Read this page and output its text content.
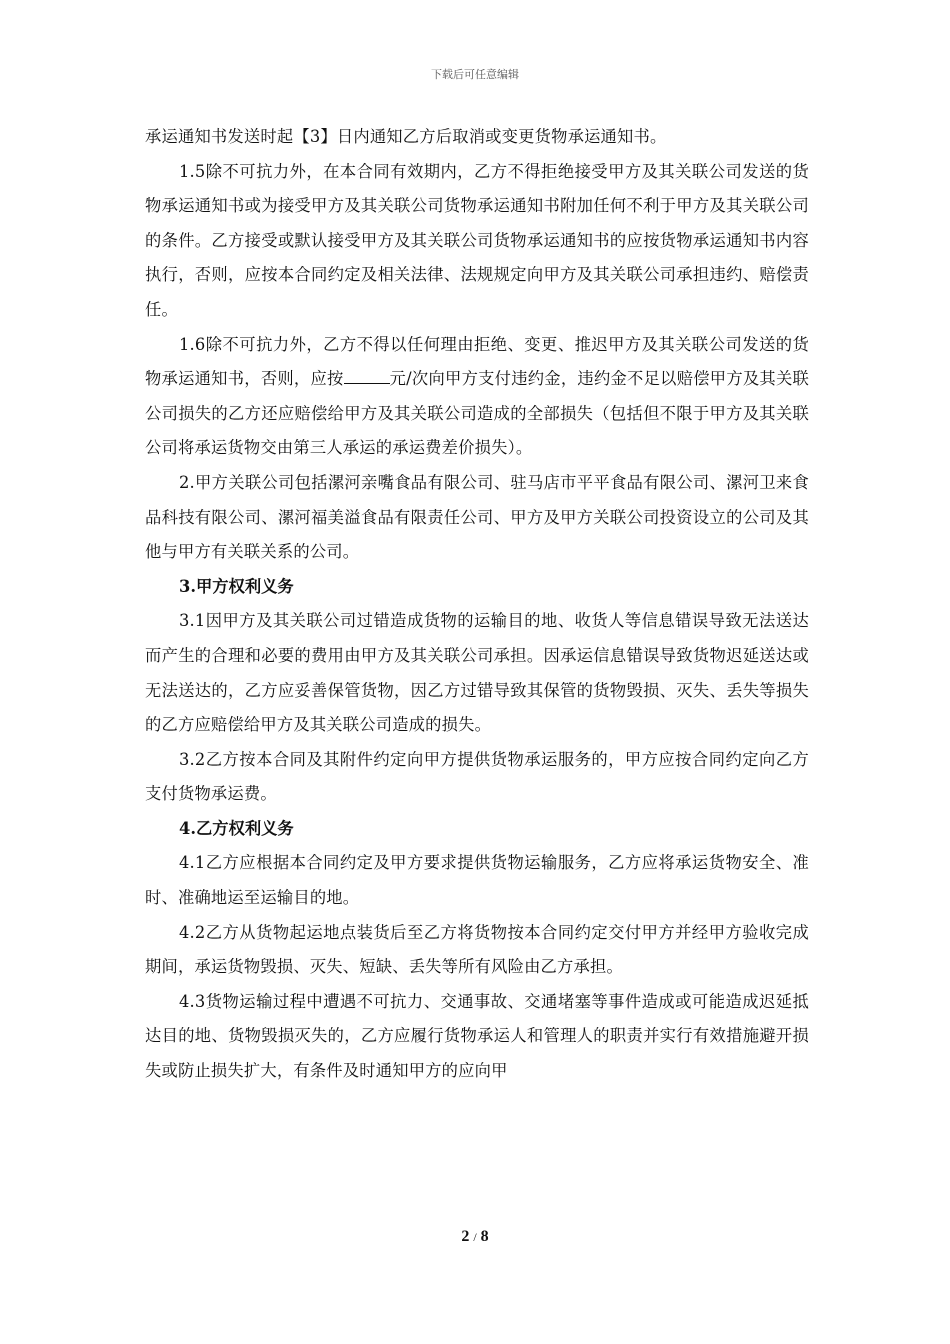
下载后可任意编辑

承运通知书发送时起【3】日内通知乙方后取消或变更货物承运通知书。

1.5除不可抗力外，在本合同有效期内，乙方不得拒绝接受甲方及其关联公司发送的货物承运通知书或为接受甲方及其关联公司货物承运通知书附加任何不利于甲方及其关联公司的条件。乙方接受或默认接受甲方及其关联公司货物承运通知书的应按货物承运通知书内容执行，否则，应按本合同约定及相关法律、法规规定向甲方及其关联公司承担违约、赔偿责任。

1.6除不可抗力外，乙方不得以任何理由拒绝、变更、推迟甲方及其关联公司发送的货物承运通知书，否则，应按	元/次向甲方支付违约金，违约金不足以赔偿甲方及其关联公司损失的乙方还应赔偿给甲方及其关联公司造成的全部损失（包括但不限于甲方及其关联公司将承运货物交由第三人承运的承运费差价损失）。

2.甲方关联公司包括漯河亲嘴食品有限公司、驻马店市平平食品有限公司、漯河卫来食品科技有限公司、漯河福美溢食品有限责任公司、甲方及甲方关联公司投资设立的公司及其他与甲方有关联关系的公司。

3.甲方权利义务

3.1因甲方及其关联公司过错造成货物的运输目的地、收货人等信息错误导致无法送达而产生的合理和必要的费用由甲方及其关联公司承担。因承运信息错误导致货物迟延送达或无法送达的，乙方应妥善保管货物，因乙方过错导致其保管的货物毁损、灭失、丢失等损失的乙方应赔偿给甲方及其关联公司造成的损失。

3.2乙方按本合同及其附件约定向甲方提供货物承运服务的，甲方应按合同约定向乙方支付货物承运费。

4.乙方权利义务

4.1乙方应根据本合同约定及甲方要求提供货物运输服务，乙方应将承运货物安全、准时、准确地运至运输目的地。

4.2乙方从货物起运地点装货后至乙方将货物按本合同约定交付甲方并经甲方验收完成期间，承运货物毁损、灭失、短缺、丢失等所有风险由乙方承担。

4.3货物运输过程中遭遇不可抗力、交通事故、交通堵塞等事件造成或可能造成迟延抵达目的地、货物毁损灭失的，乙方应履行货物承运人和管理人的职责并实行有效措施避开损失或防止损失扩大，有条件及时通知甲方的应向甲

2 / 8
